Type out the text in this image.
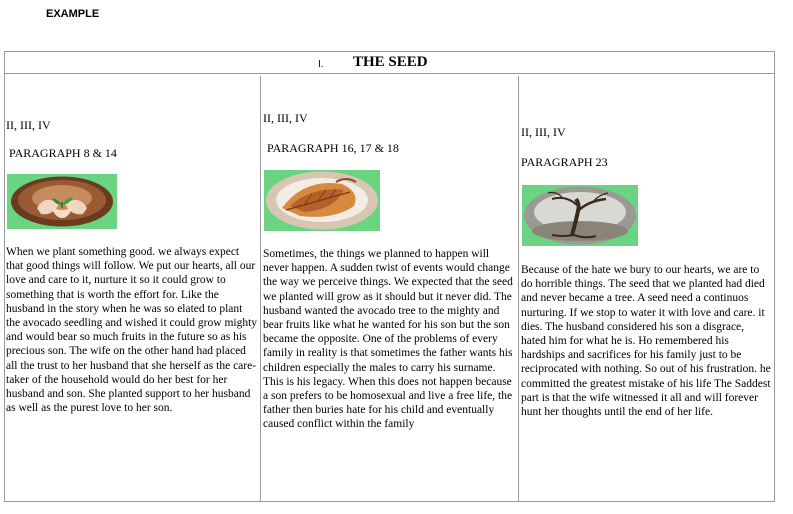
EXAMPLE
I. THE SEED
II, III, IV
PARAGRAPH 8 & 14

When we plant something good. we always expect that good things will follow. We put our hearts, all our love and care to it, nurture it so it could grow to something that is worth the effort for. Like the husband in the story when he was so elated to plant the avocado seedling and wished it could grow mighty and would bear so much fruits in the future so as his precious son. The wife on the other hand had placed all the trust to her husband that she herself as the care-taker of the household would do her best for her husband and son. She planted support to her husband as well as the purest love to her son.

II, III, IV
PARAGRAPH 16, 17 & 18

Sometimes, the things we planned to happen will never happen. A sudden twist of events would change the way we perceive things. We expected that the seed we planted will grow as it should but it never did. The husband wanted the avocado tree to the mighty and bear fruits like what he wanted for his son but the son became the opposite. One of the problems of every family in reality is that sometimes the father wants his children especially the males to carry his surname. This is his legacy. When this does not happen because a son prefers to be homosexual and live a free life, the father then buries hate for his child and eventually caused conflict within the family

II, III, IV
PARAGRAPH 23

Because of the hate we bury to our hearts, we are to do horrible things. The seed that we planted had died and never became a tree. A seed need a continuos nurturing. If we stop to water it with love and care. it dies. The husband considered his son a disgrace, hated him for what he is. Ho remembered his hardships and sacrifices for his family just to be reciprocated with nothing. So out of his frustration. he committed the greatest mistake of his life The Saddest part is that the wife witnessed it all and will forever hunt her thoughts until the end of her life.
